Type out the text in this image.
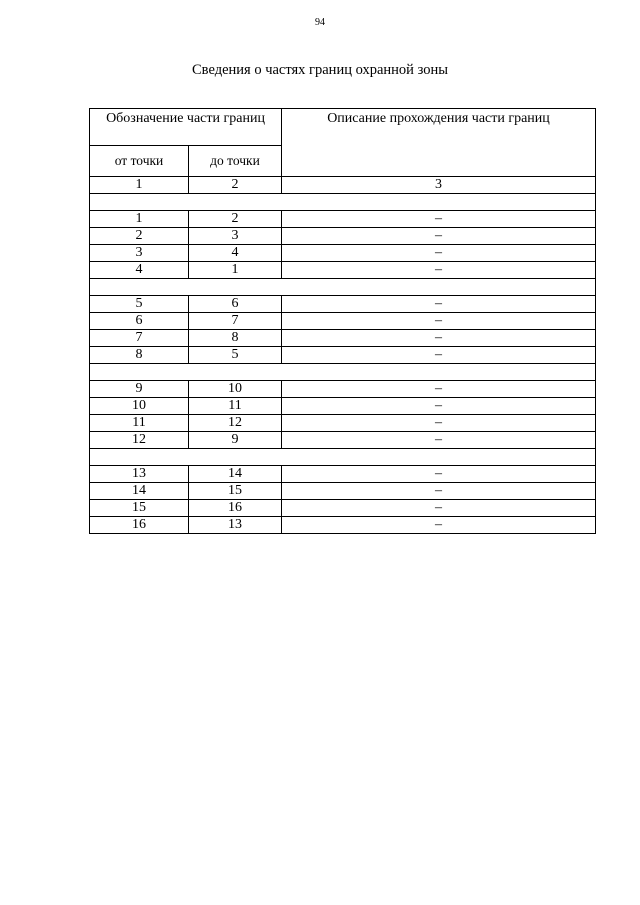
94
Сведения о частях границ охранной зоны
Обозначение части границ		Описание прохождения части границ
от точки	до точки	
1	2	3

1	2	–
2	3	–
3	4	–
4	1	–

5	6	–
6	7	–
7	8	–
8	5	–

9	10	–
10	11	–
11	12	–
12	9	–

13	14	–
14	15	–
15	16	–
16	13	–
